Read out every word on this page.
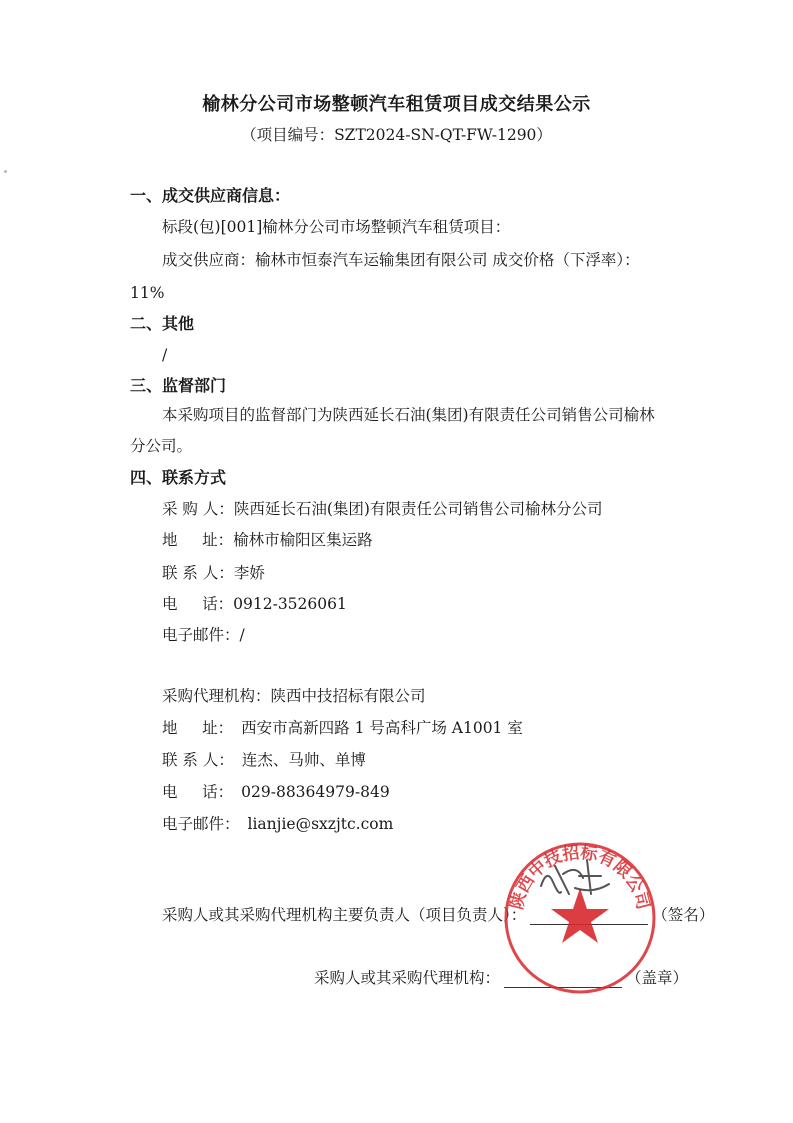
榆林分公司市场整顿汽车租赁项目成交结果公示
（项目编号：SZT2024-SN-QT-FW-1290）
一、成交供应商信息：
标段(包)[001]榆林分公司市场整顿汽车租赁项目：
成交供应商：榆林市恒泰汽车运输集团有限公司 成交价格（下浮率）：
11%
二、其他
/
三、监督部门
本采购项目的监督部门为陕西延长石油(集团)有限责任公司销售公司榆林
分公司。
四、联系方式
采 购 人：陕西延长石油(集团)有限责任公司销售公司榆林分公司
地     址：榆林市榆阳区集运路
联 系 人：李娇
电     话：0912-3526061
电子邮件：/
采购代理机构：陕西中技招标有限公司
地     址： 西安市高新四路 1 号高科广场 A1001 室
联 系 人： 连杰、马帅、单博
电     话： 029-88364979-849
电子邮件： lianjie@sxzjtc.com
采购人或其采购代理机构主要负责人（项目负责人）：	（签名）
采购人或其采购代理机构：	（盖章）
陕西中技招标有限公司
